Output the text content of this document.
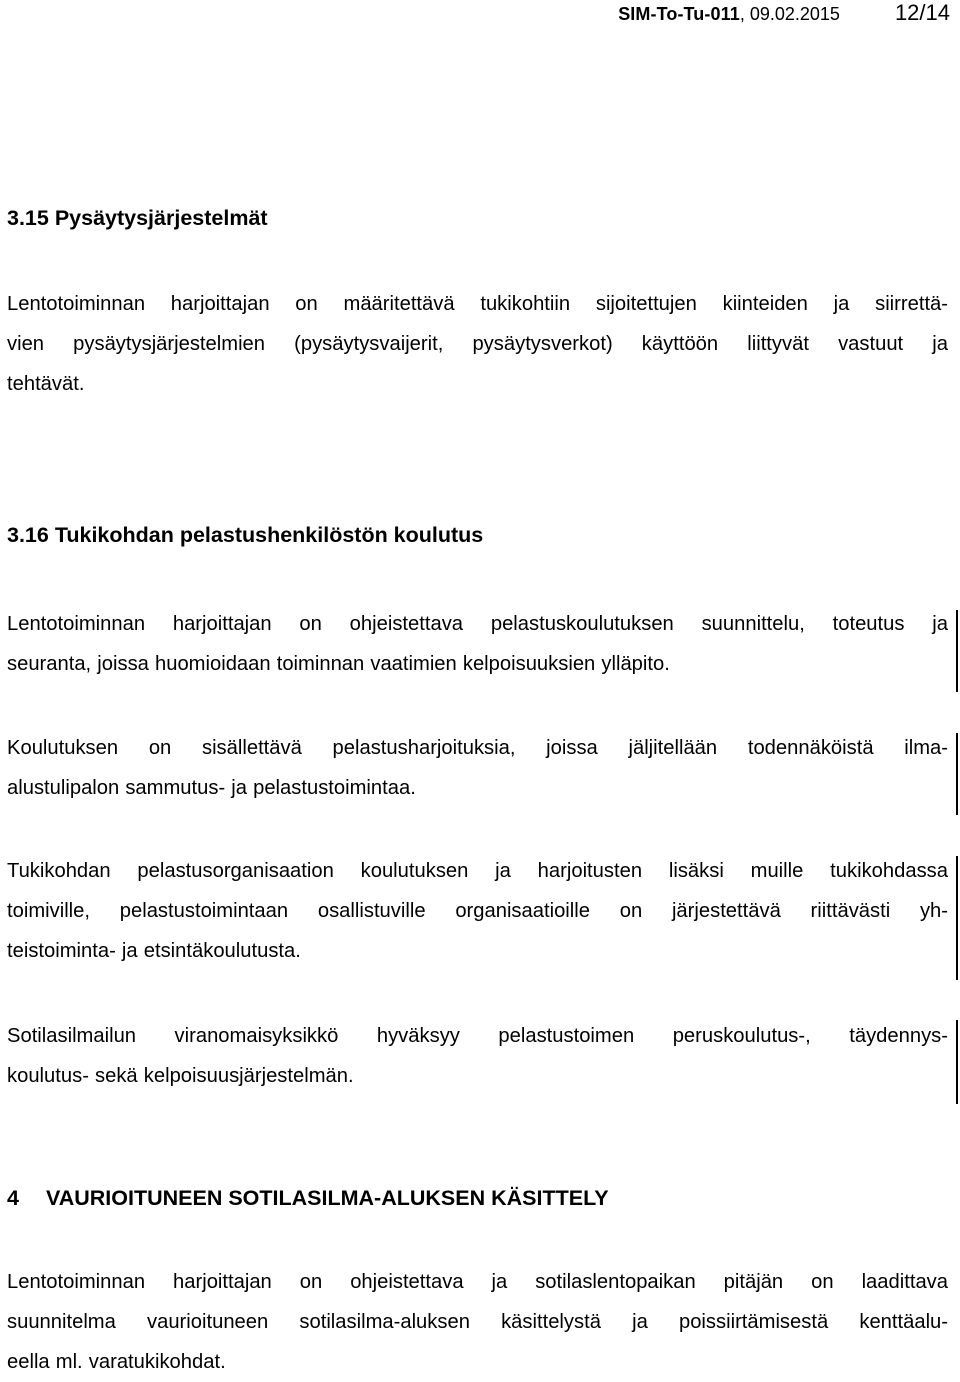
SIM-To-Tu-011 , 09.02.2015	12/14
3.15 Pysäytysjärjestelmät

Lentotoiminnan harjoittajan on määritettävä tukikohtiin sijoitettujen kiinteiden ja siirrettä-
vien pysäytysjärjestelmien (pysäytysvaijerit, pysäytysverkot) käyttöön liittyvät vastuut ja
tehtävät.

3.16 Tukikohdan pelastushenkilöstön koulutus

Lentotoiminnan harjoittajan on ohjeistettava pelastuskoulutuksen suunnittelu, toteutus ja
seuranta, joissa huomioidaan toiminnan vaatimien kelpoisuuksien ylläpito.

Koulutuksen on sisällettävä pelastusharjoituksia, joissa jäljitellään todennäköistä ilma-
alustulipalon sammutus- ja pelastustoimintaa.

Tukikohdan pelastusorganisaation koulutuksen ja harjoitusten lisäksi muille tukikohdassa
toimiville, pelastustoimintaan osallistuville organisaatioille on järjestettävä riittävästi yh-
teistoiminta- ja etsintäkoulutusta.

Sotilasilmailun viranomaisyksikkö hyväksyy pelastustoimen peruskoulutus-, täydennys-
koulutus- sekä kelpoisuusjärjestelmän.

4 VAURIOITUNEEN SOTILASILMA-ALUKSEN KÄSITTELY

Lentotoiminnan harjoittajan on ohjeistettava ja sotilaslentopaikan pitäjän on laadittava
suunnitelma vaurioituneen sotilasilma-aluksen käsittelystä ja poissiirtämisestä kenttäalu-
eella ml. varatukikohdat.
